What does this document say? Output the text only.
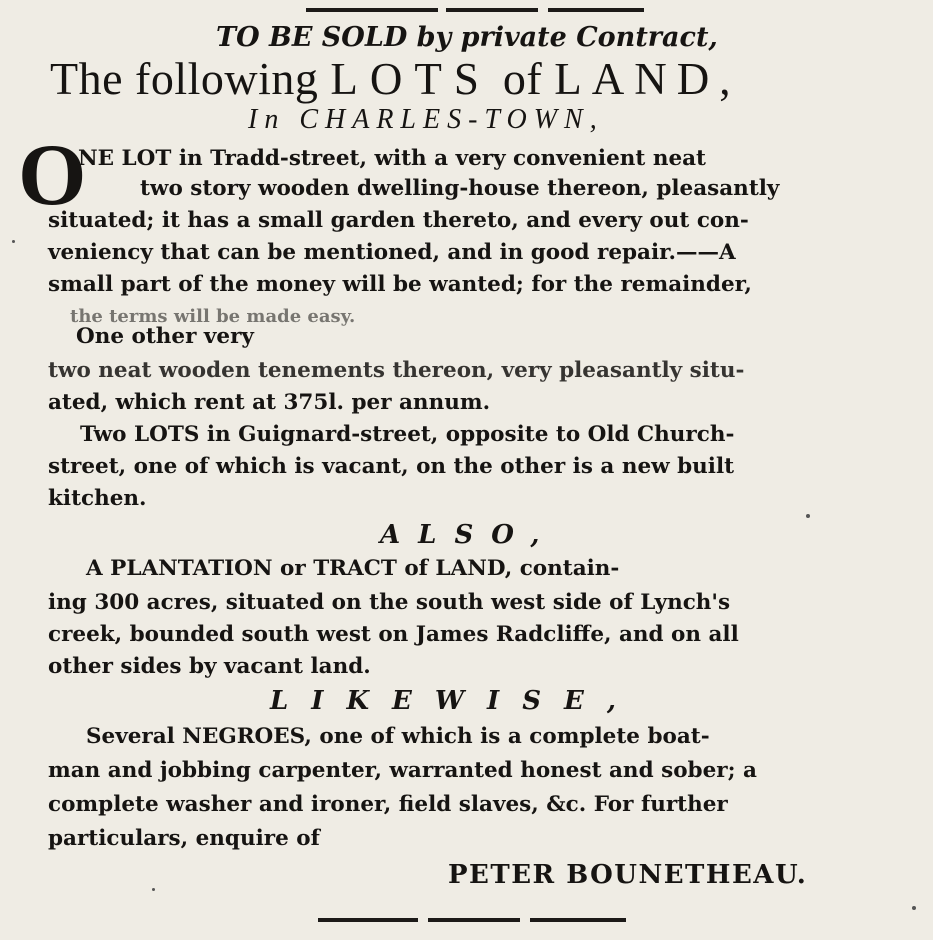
TO BE SOLD by private Contract,
The following LOTS of LAND,
In CHARLES-TOWN,
O
NE LOT in Tradd-street, with a very convenient neat
two story wooden dwelling-house thereon, pleasantly
situated; it has a small garden thereto, and every out con-
veniency that can be mentioned, and in good repair.——A
small part of the money will be wanted; for the remainder,
the terms will be made easy.
One other very
two neat wooden tenements thereon, very pleasantly situ-
ated, which rent at 375l. per annum.
Two LOTS in Guignard-street, opposite to Old Church-
street, one of which is vacant, on the other is a new built
kitchen.
ALSO,
A PLANTATION or TRACT of LAND, contain-
ing 300 acres, situated on the south west side of Lynch's
creek, bounded south west on James Radcliffe, and on all
other sides by vacant land.
LIKEWISE,
Several NEGROES, one of which is a complete boat-
man and jobbing carpenter, warranted honest and sober; a
complete washer and ironer, field slaves, &c. For further
particulars, enquire of
PETER BOUNETHEAU.
